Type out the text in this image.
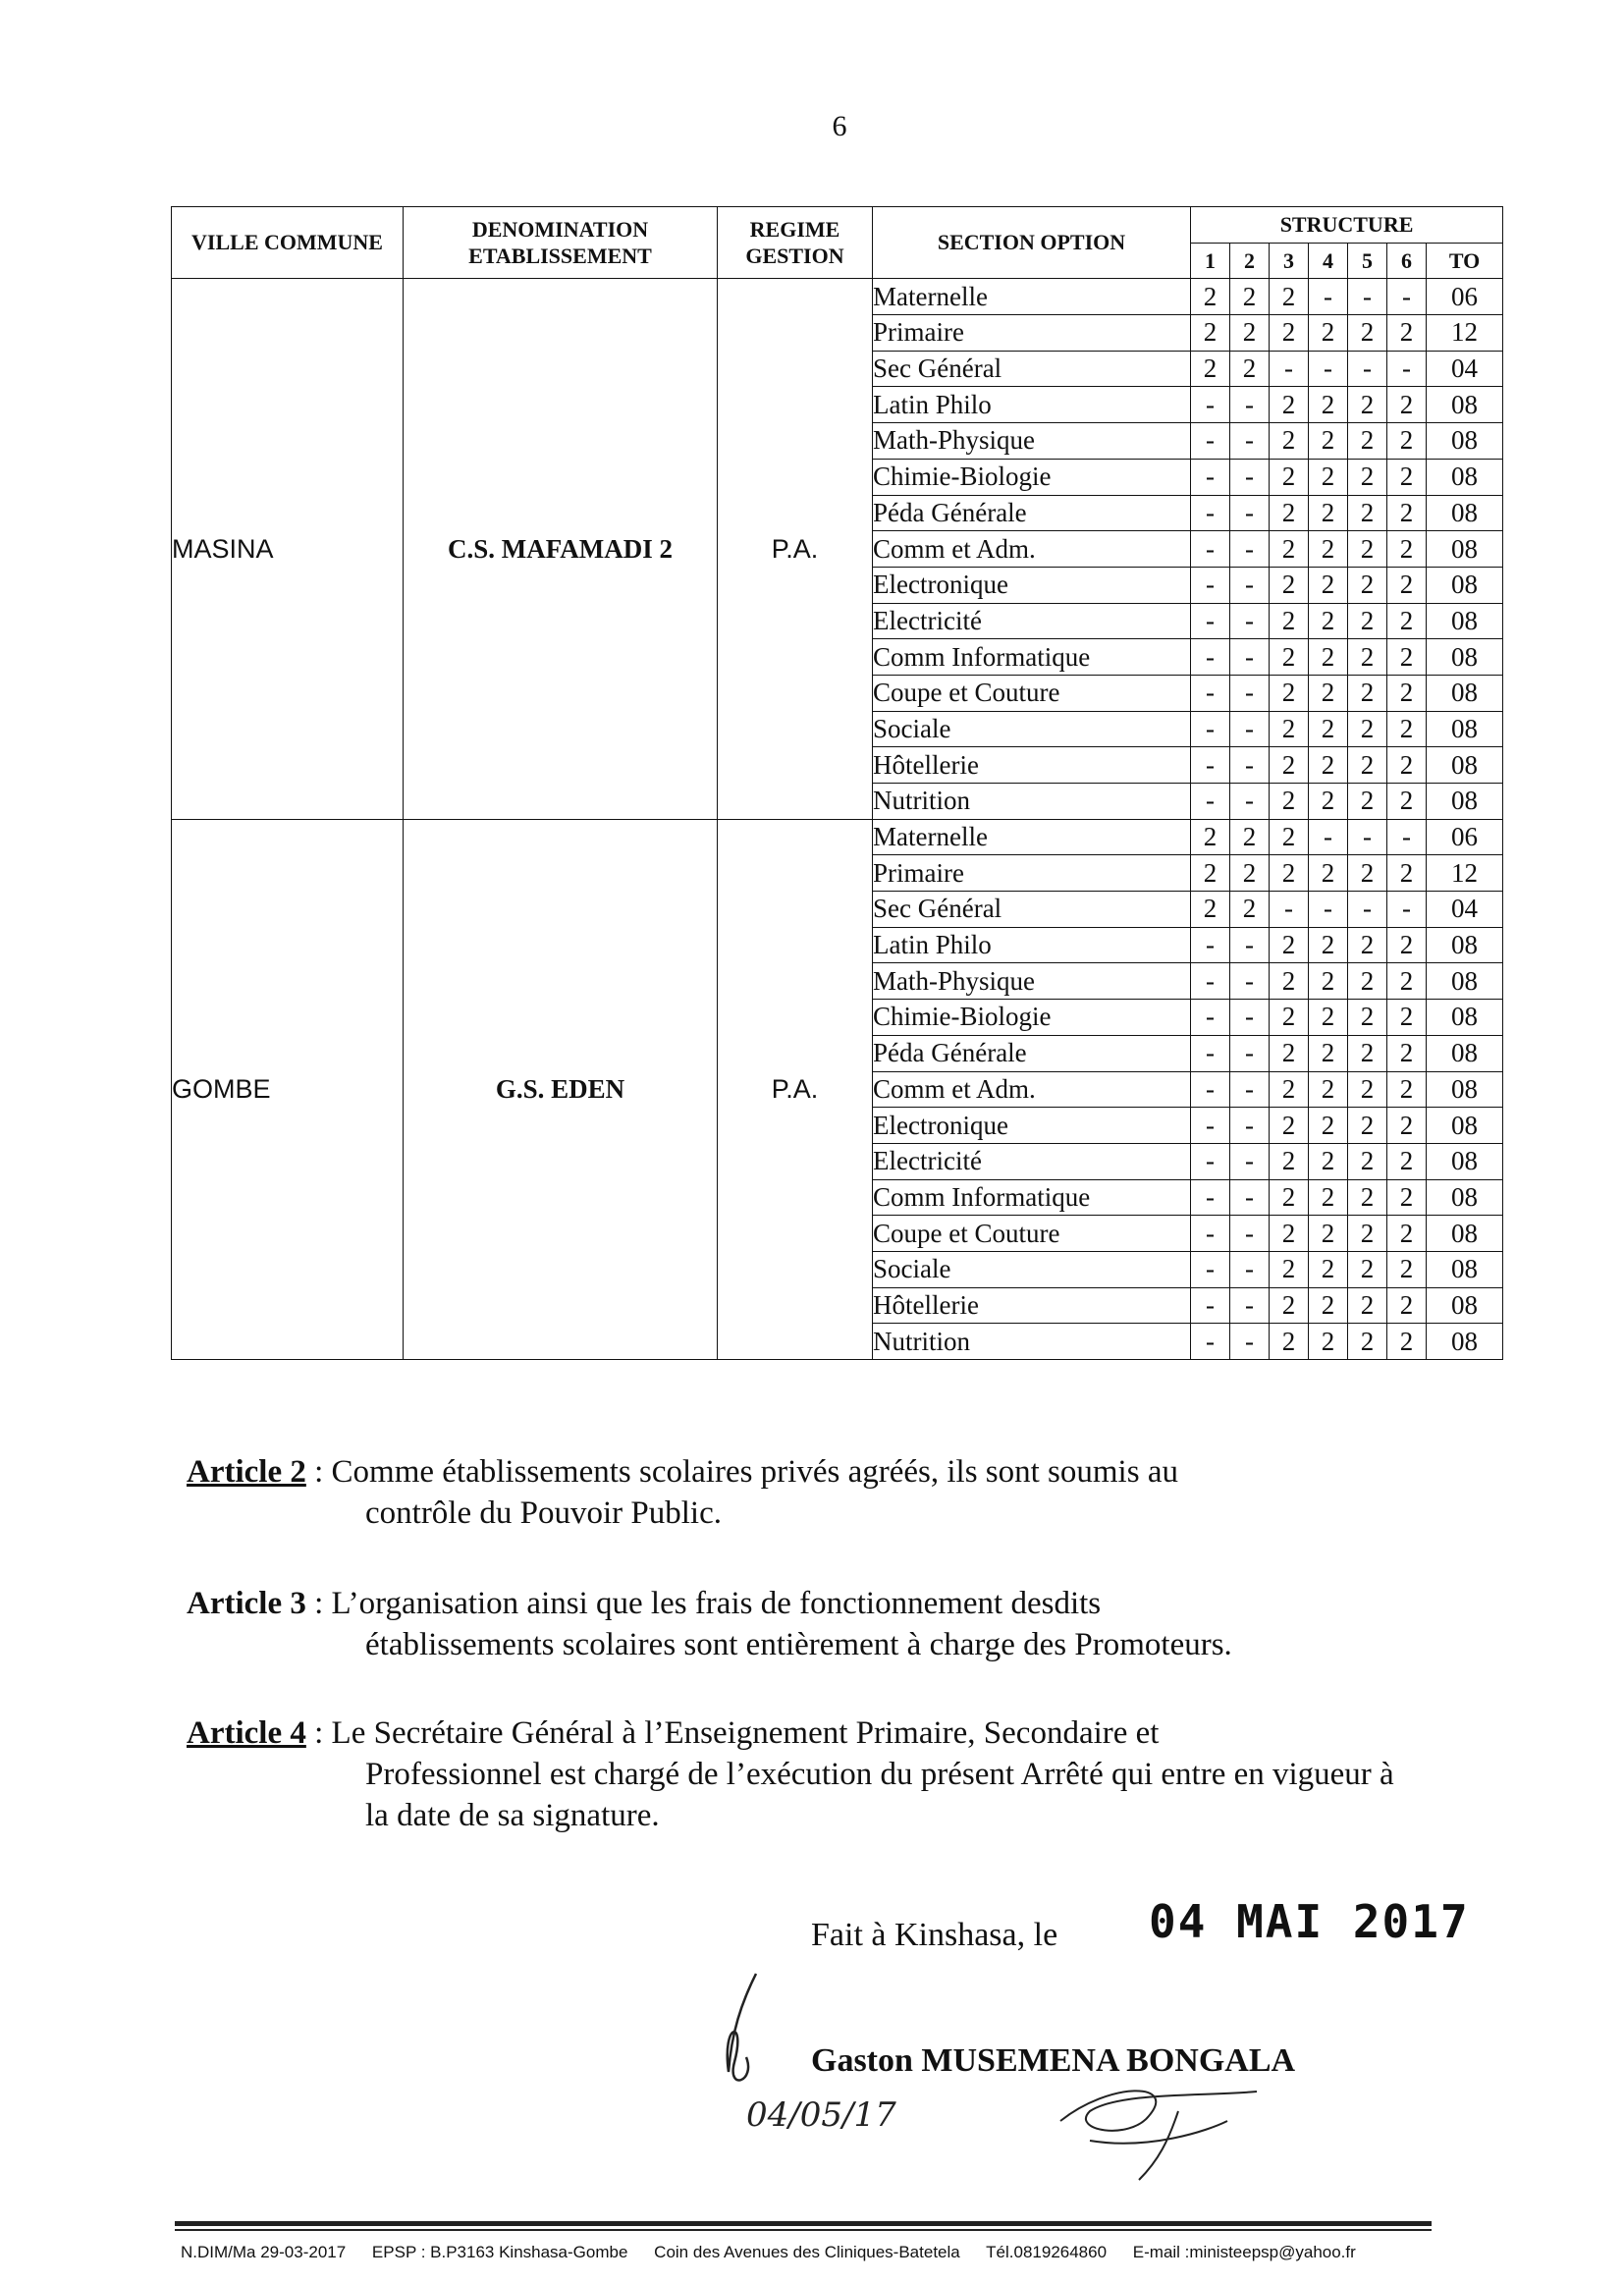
6
VILLE COMMUNE	DENOMINATION ETABLISSEMENT	REGIME GESTION	SECTION OPTION	STRUCTURE						
				1	2	3	4	5	6	TO
MASINA	C.S. MAFAMADI 2	P.A.	Maternelle	2	2	2	-	-	-	06
			Primaire	2	2	2	2	2	2	12
			Sec Général	2	2	-	-	-	-	04
			Latin Philo	-	-	2	2	2	2	08
			Math-Physique	-	-	2	2	2	2	08
			Chimie-Biologie	-	-	2	2	2	2	08
			Péda Générale	-	-	2	2	2	2	08
			Comm et Adm.	-	-	2	2	2	2	08
			Electronique	-	-	2	2	2	2	08
			Electricité	-	-	2	2	2	2	08
			Comm Informatique	-	-	2	2	2	2	08
			Coupe et Couture	-	-	2	2	2	2	08
			Sociale	-	-	2	2	2	2	08
			Hôtellerie	-	-	2	2	2	2	08
			Nutrition	-	-	2	2	2	2	08
GOMBE	G.S. EDEN	P.A.	Maternelle	2	2	2	-	-	-	06
			Primaire	2	2	2	2	2	2	12
			Sec Général	2	2	-	-	-	-	04
			Latin Philo	-	-	2	2	2	2	08
			Math-Physique	-	-	2	2	2	2	08
			Chimie-Biologie	-	-	2	2	2	2	08
			Péda Générale	-	-	2	2	2	2	08
			Comm et Adm.	-	-	2	2	2	2	08
			Electronique	-	-	2	2	2	2	08
			Electricité	-	-	2	2	2	2	08
			Comm Informatique	-	-	2	2	2	2	08
			Coupe et Couture	-	-	2	2	2	2	08
			Sociale	-	-	2	2	2	2	08
			Hôtellerie	-	-	2	2	2	2	08
			Nutrition	-	-	2	2	2	2	08
Article 2 : Comme établissements scolaires privés agréés, ils sont soumis au
contrôle du Pouvoir Public.
Article 3 : L’organisation ainsi que les frais de fonctionnement desdits
établissements scolaires sont entièrement à charge des Promoteurs.
Article 4 : Le Secrétaire Général à l’Enseignement Primaire, Secondaire et
Professionnel est chargé de l’exécution du présent Arrêté qui entre en vigueur à la date de sa signature.
Fait à Kinshasa, le 04 MAI 2017
04/05/17
Gaston MUSEMENA BONGALA
N.DIM/Ma 29-03-2017 EPSP : B.P3163 Kinshasa-Gombe Coin des Avenues des Cliniques-Batetela Tél.0819264860 E-mail :ministeepsp@yahoo.fr
